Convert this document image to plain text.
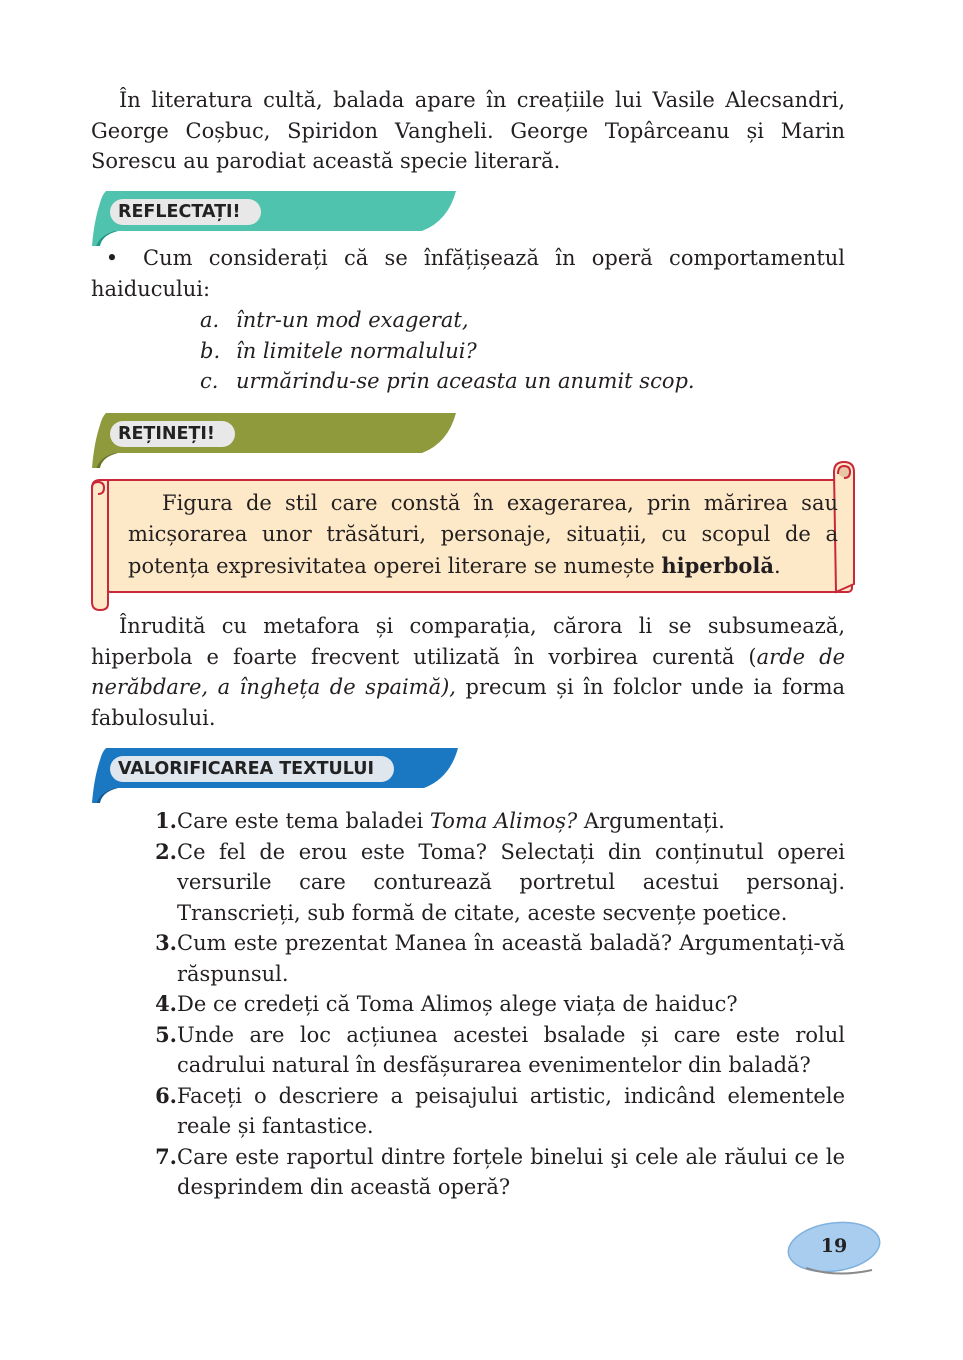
În literatura cultă, balada apare în creațiile lui Vasile Alecsandri, George Coșbuc, Spiridon Vangheli. George Topârceanu și Marin Sorescu au parodiat această specie literară.

REFLECTAȚI!

• Cum considerați că se înfățișează în operă comportamentul haiducului:

a. într-un mod exagerat,
b. în limitele normalului?
c. urmărindu-se prin aceasta un anumit scop.
REȚINEȚI!

Figura de stil care constă în exagerarea, prin mărirea sau micșorarea unor trăsături, personaje, situații, cu scopul de a potența expresivitatea operei literare se numește hiperbolă.

Înrudită cu metafora și comparația, cărora li se subsumează, hiperbola e foarte frecvent utilizată în vorbirea curentă (arde de nerăbdare, a îngheța de spaimă), precum și în folclor unde ia forma fabulosului.

VALORIFICAREA TEXTULUI
1. Care este tema baladei Toma Alimoș? Argumentați.
2. Ce fel de erou este Toma? Selectați din conținutul operei versurile care conturează portretul acestui personaj. Transcrieți, sub formă de citate, aceste secvențe poetice.
3. Cum este prezentat Manea în această baladă? Argumentați-vă răspunsul.
4. De ce credeți că Toma Alimoș alege viața de haiduc?
5. Unde are loc acțiunea acestei bsalade și care este rolul cadrului natural în desfășurarea evenimentelor din baladă?
6. Faceți o descriere a peisajului artistic, indicând elementele reale și fantastice.
7. Care este raportul dintre forțele binelui şi cele ale răului ce le desprindem din această operă?
19
